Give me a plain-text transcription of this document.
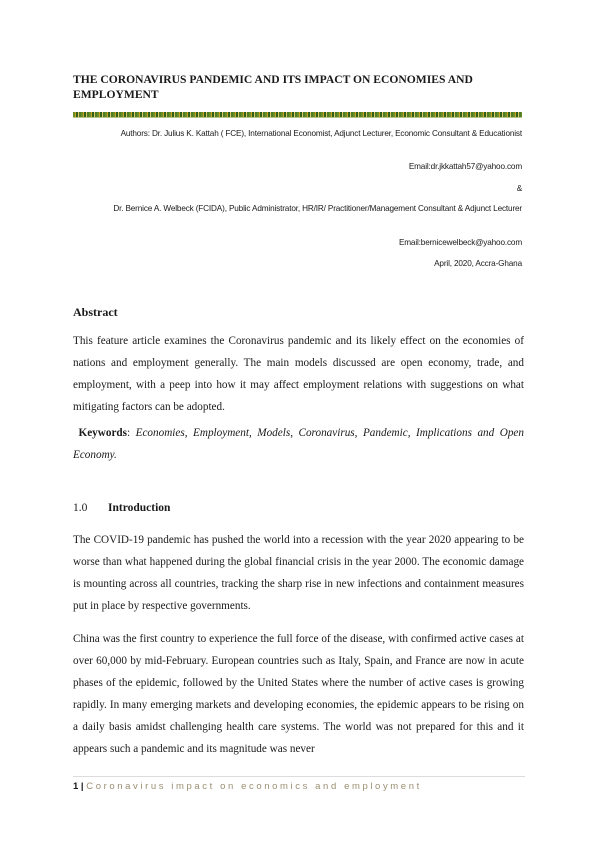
THE CORONAVIRUS PANDEMIC AND ITS IMPACT ON ECONOMIES AND EMPLOYMENT
Authors: Dr. Julius K. Kattah ( FCE), International Economist, Adjunct Lecturer, Economic Consultant & Educationist
Email:dr.jkkattah57@yahoo.com
&
Dr. Bernice A. Welbeck (FCIDA), Public Administrator, HR/IR/ Practitioner/Management Consultant & Adjunct Lecturer
Email:bernicewelbeck@yahoo.com
April, 2020, Accra-Ghana
Abstract
This feature article examines the Coronavirus pandemic and its likely effect on the economies of nations and employment generally. The main models discussed are open economy, trade, and employment, with a peep into how it may affect employment relations with suggestions on what mitigating factors can be adopted.
Keywords: Economies, Employment, Models, Coronavirus, Pandemic, Implications and Open Economy.
1.0 Introduction
The COVID-19 pandemic has pushed the world into a recession with the year 2020 appearing to be worse than what happened during the global financial crisis in the year 2000. The economic damage is mounting across all countries, tracking the sharp rise in new infections and containment measures put in place by respective governments.
China was the first country to experience the full force of the disease, with confirmed active cases at over 60,000 by mid-February. European countries such as Italy, Spain, and France are now in acute phases of the epidemic, followed by the United States where the number of active cases is growing rapidly. In many emerging markets and developing economies, the epidemic appears to be rising on a daily basis amidst challenging health care systems. The world was not prepared for this and it appears such a pandemic and its magnitude was never
1 | Coronavirus impact on economics and employment
